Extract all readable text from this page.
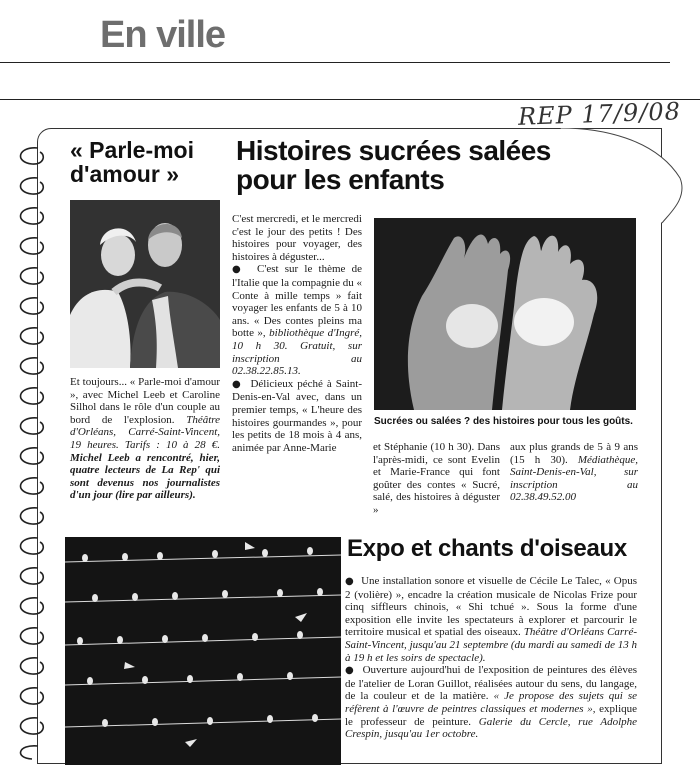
En ville
REP 17/9/08
« Parle-moi d'amour »
Et toujours... « Parle-moi d'amour », avec Michel Leeb et Caroline Silhol dans le rôle d'un couple au bord de l'explosion. Théâtre d'Orléans, Carré-Saint-Vincent, 19 heures. Tarifs : 10 à 28 €. Michel Leeb a rencontré, hier, quatre lecteurs de La Rep' qui sont devenus nos journalistes d'un jour (lire par ailleurs).
Histoires sucrées salées pour les enfants

C'est mercredi, et le mercredi c'est le jour des petits ! Des histoires pour voyager, des histoires à déguster...

● C'est sur le thème de l'Italie que la compagnie du « Conte à mille temps » fait voyager les enfants de 5 à 10 ans. « Des contes pleins ma botte », bibliothèque d'Ingré, 10 h 30. Gratuit, sur inscription au 02.38.22.85.13.

● Délicieux péché à Saint-Denis-en-Val avec, dans un premier temps, « L'heure des histoires gourmandes », pour les petits de 18 mois à 4 ans, animée par Anne-Marie

Sucrées ou salées ? des histoires pour tous les goûts.
et Stéphanie (10 h 30). Dans l'après-midi, ce sont Evelin et Marie-France qui font goûter des contes « Sucré, salé, des histoires à déguster »
aux plus grands de 5 à 9 ans (15 h 30). Médiathèque, Saint-Denis-en-Val, sur inscription au 02.38.49.52.00
Expo et chants d'oiseaux

● Une installation sonore et visuelle de Cécile Le Talec, « Opus 2 (volière) », encadre la création musicale de Nicolas Frize pour cinq siffleurs chinois, « Shi tchué ». Sous la forme d'une exposition elle invite les spectateurs à explorer et parcourir le territoire musical et spatial des oiseaux. Théâtre d'Orléans Carré-Saint-Vincent, jusqu'au 21 septembre (du mardi au samedi de 13 h à 19 h et les soirs de spectacle).

● Ouverture aujourd'hui de l'exposition de peintures des élèves de l'atelier de Loran Guillot, réalisées autour du sens, du langage, de la couleur et de la matière. « Je propose des sujets qui se réfèrent à l'œuvre de peintres classiques et modernes », explique le professeur de peinture. Galerie du Cercle, rue Adolphe Crespin, jusqu'au 1er octobre.
